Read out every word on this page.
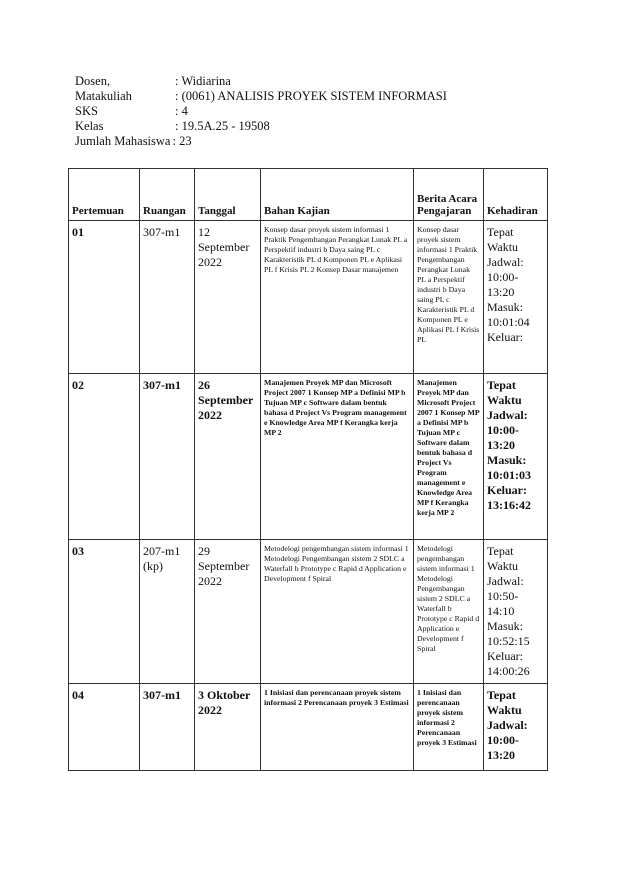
Dosen,	: Widiarina
Matakuliah	: (0061) ANALISIS PROYEK SISTEM INFORMASI
SKS	: 4
Kelas	: 19.5A.25 - 19508
Jumlah Mahasiswa : 23
Pertemuan	Ruangan	Tanggal	Bahan Kajian	Berita Acara Pengajaran	Kehadiran
01	307-m1	12 September 2022	Konsep dasar proyek sistem informasi 1 Praktik Pengembangan Perangkat Lunak PL a Perspektif industri b Daya saing PL c Karakteristik PL d Komponen PL e Aplikasi PL f Krisis PL 2 Konsep Dasar manajemen	Konsep dasar proyek sistem informasi 1 Praktik Pengembangan Perangkat Lunak PL a Perspektif industri b Daya saing PL c Karakteristik PL d Komponen PL e Aplikasi PL f Krisis PL	Tepat Waktu Jadwal: 10:00-13:20 Masuk: 10:01:04 Keluar:
02	307-m1	26 September 2022	Manajemen Proyek MP dan Microsoft Project 2007 1 Konsep MP a Definisi MP b Tujuan MP c Software dalam bentuk bahasa d Project Vs Program management e Knowledge Area MP f Kerangka kerja MP 2	Manajemen Proyek MP dan Microsoft Project 2007 1 Konsep MP a Definisi MP b Tujuan MP c Software dalam bentuk bahasa d Project Vs Program management e Knowledge Area MP f Kerangka kerja MP 2	Tepat Waktu Jadwal: 10:00-13:20 Masuk: 10:01:03 Keluar: 13:16:42
03	207-m1 (kp)	29 September 2022	Metodelogi pengembangan sistem informasi 1 Metodelogi Pengembangan sistem 2 SDLC a Waterfall b Prototype c Rapid d Application e Development f Spiral	Metodelogi pengembangan sistem informasi 1 Metodelogi Pengembangan sistem 2 SDLC a Waterfall b Prototype c Rapid d Application e Development f Spiral	Tepat Waktu Jadwal: 10:50-14:10 Masuk: 10:52:15 Keluar: 14:00:26
04	307-m1	3 Oktober 2022	1 Inisiasi dan perencanaan proyek sistem informasi 2 Perencanaan proyek 3 Estimasi	1 Inisiasi dan perencanaan proyek sistem informasi 2 Perencanaan proyek 3 Estimasi	Tepat Waktu Jadwal: 10:00-13:20
